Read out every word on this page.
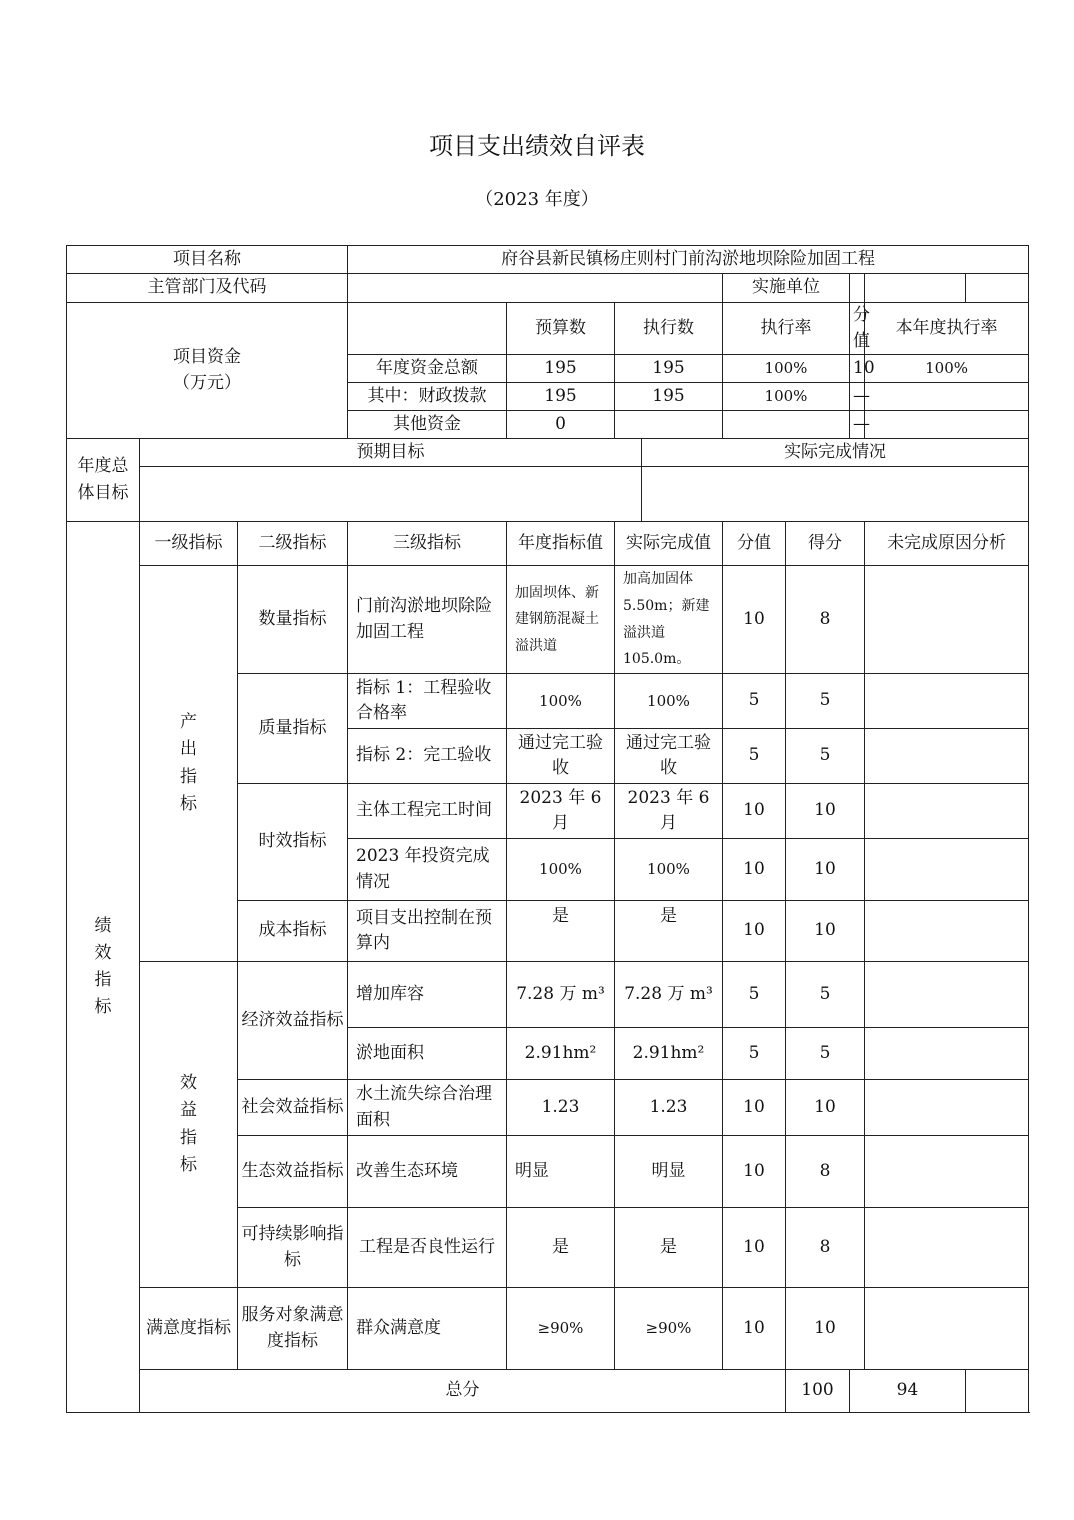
项目支出绩效自评表
（2023 年度）
项目名称			府谷县新民镇杨庄则村门前沟淤地坝除险加固工程									
主管部门及代码							实施单位					

项目资金
（万元）				预算数	执行数		执行率		分值	本年度执行率	
			年度资金总额	195	195		100%		10	100%	
			其中：财政拨款	195	195		100%		—		
			其他资金	0					—		
年度总体目标	预期目标					实际完成情况						

绩效指标	一级指标	二级指标	三级指标	年度指标值	实际完成值		分值	得分		未完成原因分析		

	产出指标	数量指标	门前沟淤地坝除险加固工程	加固坝体、新建钢筋混凝土溢洪道	加高加固体5.50m；新建溢洪道105.0m。		10	8				
		质量指标	指标 1：工程验收合格率	100%	100%		5	5				
			指标 2：完工验收	通过完工验收	通过完工验收		5	5				
		时效指标	主体工程完工时间	2023 年 6 月	2023 年 6 月		10	10				
			2023 年投资完成情况	100%	100%		10	10				
		成本指标	项目支出控制在预算内	是	是		10	10				

	效益指标	经济效益指标	增加库容	7.28 万 m³	7.28 万 m³		5	5				
			淤地面积	2.91hm²	2.91hm²		5	5				
		社会效益指标	水土流失综合治理面积	1.23	1.23		10	10				
		生态效益指标	改善生态环境	明显	明显		10	8				
		可持续影响指标	工程是否良性运行	是	是		10	8				
	满意度指标	服务对象满意度指标	群众满意度	≥90%	≥90%		10	10				
	总分							100	94			
